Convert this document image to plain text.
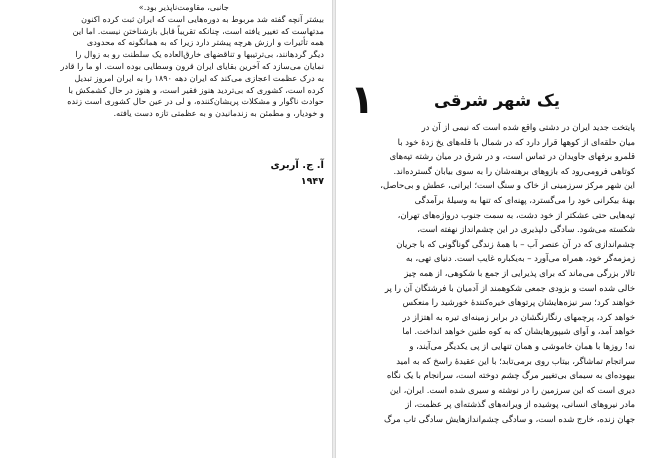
جانبی، مقاومت‌ناپذیر بود.»
بیشتر آنچه گفته شد مربوط به دوره‌هایی است که ایران ثبت کرده اکنون
مدتهاست که تغییر یافته است، چنانکه تقریباً قابل بازشناختن نیست. اما این
همه تأثیرات و ارزش هرچه پیشتر دارد زیرا که به همانگونه که محدودی
دیگر گردهانند، بی‌ترتیبها و تناقضهای خارق‌العاده یک سلطنت رو به زوال را
نمایان می‌سازد که آخرین بقایای ایران قرون وسطایی بوده است. او ما را قادر
به درک عظمت اعجازی می‌کند که ایران دهه ۱۸۹۰ را به ایران امروز تبدیل
کرده است، کشوری که بی‌تردید هنوز فقیر است، و هنوز در حال کشمکش با
حوادث ناگوار و مشکلات پریشان‌کننده، و لی در عین حال کشوری است زنده
و خودیار، و مطمئن به زندمانیدن و به عظمتی تازه دست یافته.
آ. ج. آربری
۱۹۴۷
۱	یک شهر شرقی
پایتخت جدید ایران در دشتی واقع شده است که نیمی از آن در
میان حلقه‌ای از کوهها قرار دارد که در شمال با قله‌های یخ زدهٔ خود با
قلمرو برفهای جاویدان در تماس است، و در شرق در میان رشته تپه‌های
کوتاهی فرومی‌رود که بازوهای برهنه‌شان را به سوی بیابان گسترده‌اند.
این شهر مرکز سرزمینی از خاک و سنگ است؛ ایرانی، عطش و بی‌حاصل،
بهنهٔ بیکرانی خود را می‌گسترد، پهنه‌ای که تنها به وسیلهٔ برآمدگی
تپه‌هایی حتی عشکتر از خود دشت، به سمت جنوب دروازه‌های تهران،
شکسته می‌شود. سادگی دلپذیری در این چشم‌انداز نهفته است،
چشم‌اندازی که در آن عنصر آب – با همهٔ زندگی گوناگونی که با جریان
زمزمه‌گر خود، همراه می‌آورد – به‌یکباره غایب است. دنیای تهی، به
تالار بزرگی می‌ماند که برای پذیرایی از جمع با شکوهی، از همه چیز
خالی شده است و بزودی جمعی شکوهمند از آدمیان با فرشتگان آن را پر
خواهند کرد؛ سر نیزه‌هایشان پرتوهای خیره‌کنندهٔ خورشید را منعکس
خواهد کرد، پرچمهای رنگارنگشان در برابر زمینه‌ای تیره به اهتزاز در
خواهد آمد، و آوای شیپورهایشان که به کوه طنین خواهد انداخت. اما
نه! روزها با همان خاموشی و همان تنهایی از پی یکدیگر می‌آیند، و
سراتجام تماشاگر، بیتاب روی برمی‌تابد؛ با این عقیدهٔ راسخ که به امید
بیهوده‌ای به سیمای بی‌تغییر مرگ چشم دوخته است، سرانجام با یک نگاه
دیری است که این سرزمین را در نوشته و سیری شده است. ایران، این
مادر نیروهای انسانی، پوشیده از ویرانه‌های گذشته‌ای پر عظمت، از
جهان زنده، خارج شده است، و سادگی چشم‌اندازهایش سادگی تاب مرگ
